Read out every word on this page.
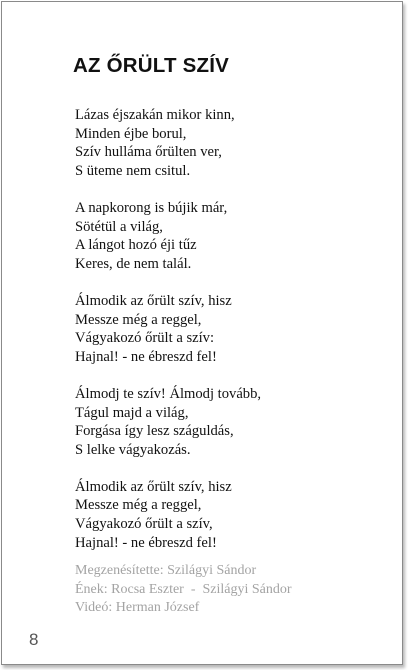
AZ ŐRÜLT SZÍV
Lázas éjszakán mikor kinn,
Minden éjbe borul,
Szív hulláma őrülten ver,
S üteme nem csitul.
A napkorong is bújik már,
Sötétül a világ,
A lángot hozó éji tűz
Keres, de nem talál.
Álmodik az őrült szív, hisz
Messze még a reggel,
Vágyakozó őrült a szív:
Hajnal! - ne ébreszd fel!
Álmodj te szív! Álmodj tovább,
Tágul majd a világ,
Forgása így lesz száguldás,
S lelke vágyakozás.
Álmodik az őrült szív, hisz
Messze még a reggel,
Vágyakozó őrült a szív,
Hajnal! - ne ébreszd fel!
Megzenésítette: Szilágyi Sándor
Ének: Rocsa Eszter  -  Szilágyi Sándor
Videó: Herman József
8
